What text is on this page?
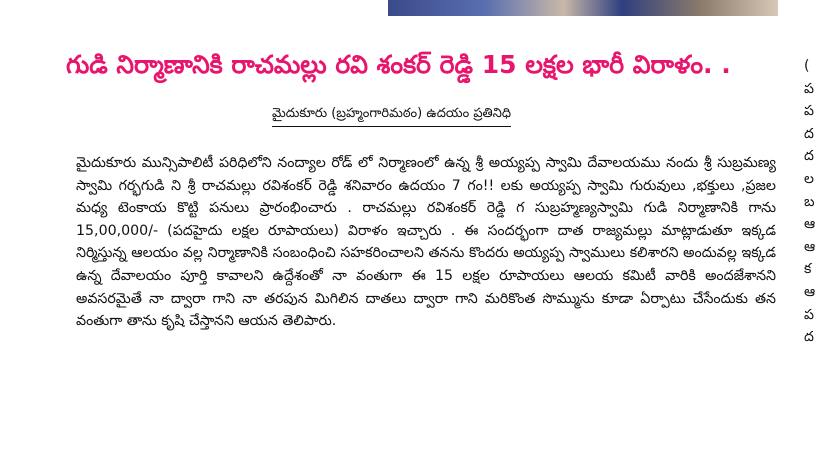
గుడి నిర్మాణానికి రాచమల్లు రవి శంకర్ రెడ్డి 15 లక్షల భారీ విరాళం. .
మైదుకూరు (బ్రహ్మంగారిమఠం) ఉదయం ప్రతినిధి

మైదుకూరు మున్సిపాలిటీ పరిధిలోని నంద్యాల రోడ్ లో నిర్మాణంలో ఉన్న శ్రీ అయ్యప్ప స్వామి దేవాలయము నందు శ్రీ సుబ్రమణ్య స్వామి గర్భగుడి ని శ్రీ రాచమల్లు రవిశంకర్ రెడ్డి శనివారం ఉదయం 7 గం!! లకు అయ్యప్ప స్వామి గురువులు ,భక్తులు ,ప్రజల మధ్య టెంకాయ కొట్టి పనులు ప్రారంభించారు . రాచమల్లు రవిశంకర్ రెడ్డి గ సుబ్రహ్మణ్యస్వామి గుడి నిర్మాణానికి గాను 15,00,000/- (పదహైదు లక్షల రూపాయలు) విరాళం ఇచ్చారు . ఈ సందర్భంగా దాత రాజ్యమల్లు మాట్లాడుతూ ఇక్కడ నిర్మిస్తున్న ఆలయం వల్ల నిర్మాణానికి సంబంధించి సహకరించాలని తనను కొందరు అయ్యప్ప స్వాములు కలిశారని అందువల్ల ఇక్కడ ఉన్న దేవాలయం పూర్తి కావాలని ఉద్దేశంతో నా వంతుగా ఈ 15 లక్షల రూపాయలు ఆలయ కమిటీ వారికి అందజేశానని అవసరమైతే నా ద్వారా గాని నా తరపున మిగిలిన దాతలు ద్వారా గాని మరికొంత సొమ్మును కూడా ఏర్పాటు చేసేందుకు తన వంతుగా తాను కృషి చేస్తానని ఆయన తెలిపారు.

(
ప
ప
ద
ద
ల
బ
ఆ
ఆ
క
ఆ
ప
ద
